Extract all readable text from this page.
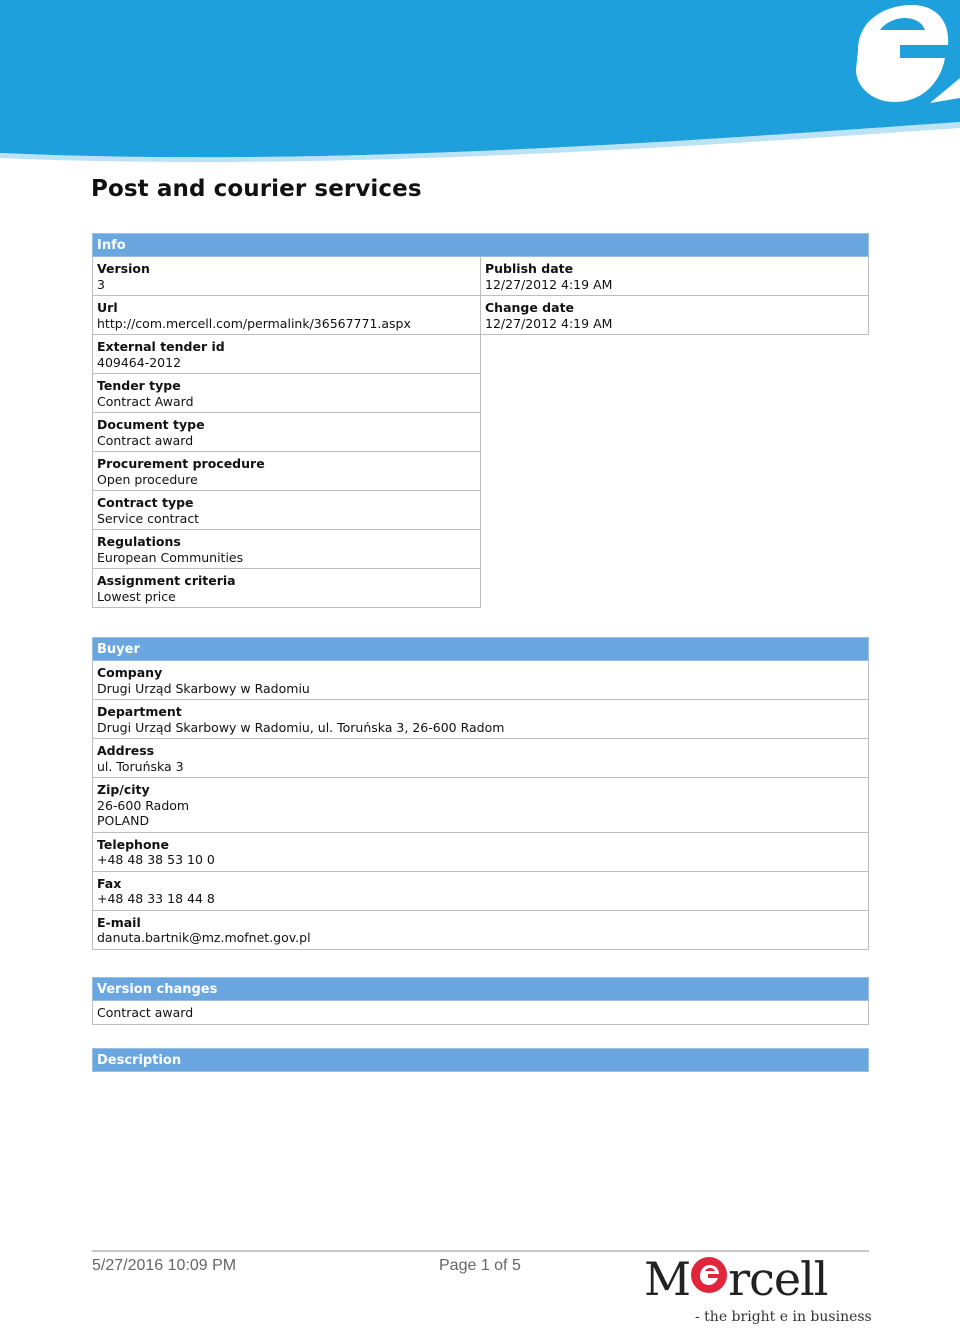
Post and courier services
Info
Version
3
Url
http://com.mercell.com/permalink/36567771.aspx
External tender id
409464-2012
Tender type
Contract Award
Document type
Contract award
Procurement procedure
Open procedure
Contract type
Service contract
Regulations
European Communities
Assignment criteria
Lowest price
Publish date
12/27/2012 4:19 AM
Change date
12/27/2012 4:19 AM
Buyer
Company
Drugi Urząd Skarbowy w Radomiu
Department
Drugi Urząd Skarbowy w Radomiu, ul. Toruńska 3, 26-600 Radom
Address
ul. Toruńska 3
Zip/city
26-600 Radom
POLAND
Telephone
+48 48 38 53 10 0
Fax
+48 48 33 18 44 8
E-mail
danuta.bartnik@mz.mofnet.gov.pl
Version changes
Contract award
Description
5/27/2016 10:09 PM	Page 1 of 5	M rcell
- the bright e in business
